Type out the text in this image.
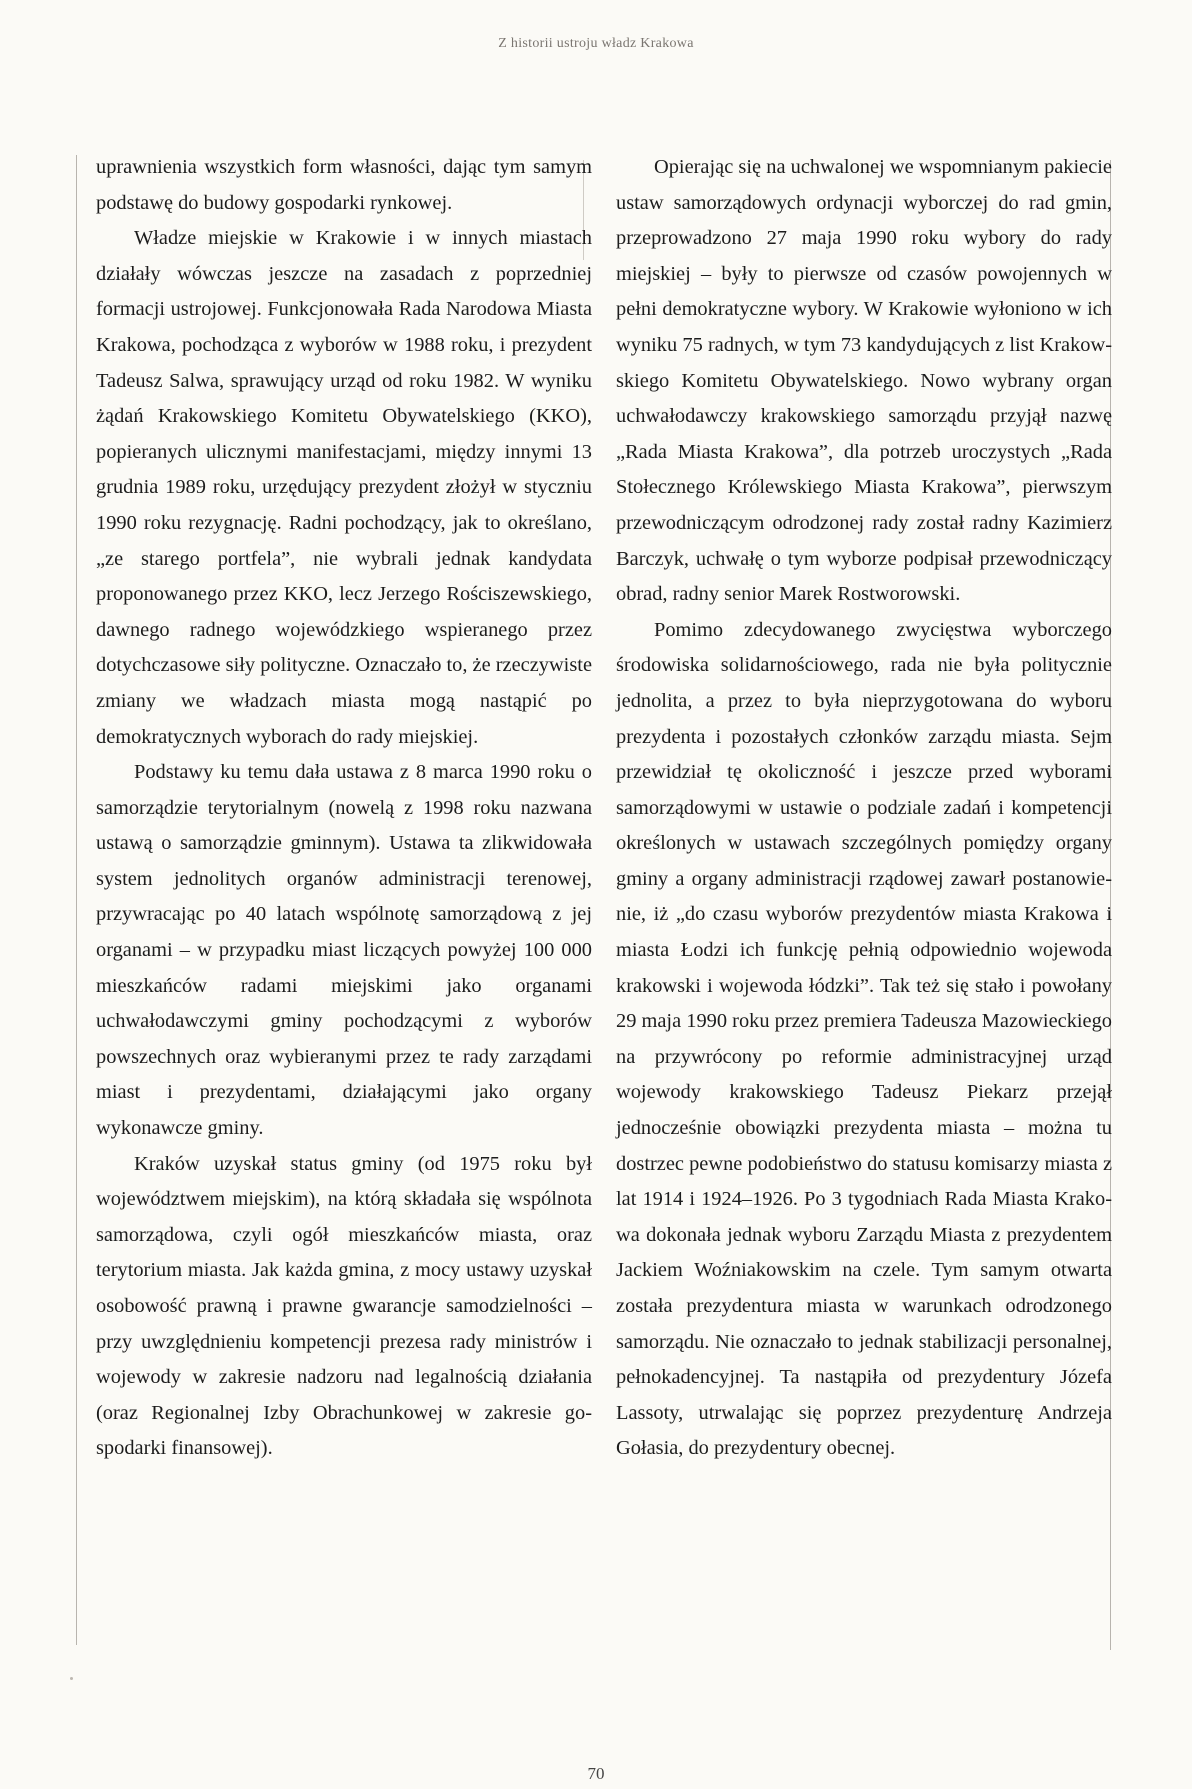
Z historii ustroju władz Krakowa

uprawnienia wszystkich form własności, dając tym samym podstawę do budowy gospodarki rynkowej.

Władze miejskie w Krakowie i w innych miastach działały wówczas jeszcze na zasadach z poprzedniej formacji ustrojowej. Funkcjonowała Rada Narodowa Miasta Krakowa, pochodząca z wyborów w 1988 roku, i prezydent Tadeusz Salwa, sprawujący urząd od roku 1982. W wyniku żądań Krakowskiego Komitetu Obywatelskiego (KKO), popieranych ulicznymi manifestacjami, między innymi 13 grudnia 1989 roku, urzędujący prezydent złożył w styczniu 1990 roku rezygnację. Radni pochodzący, jak to określano, „ze starego portfela”, nie wybrali jednak kandydata proponowanego przez KKO, lecz Jerzego Rościszewskiego, dawnego radnego wojewódzkiego wspieranego przez dotychczasowe siły polityczne. Oznaczało to, że rzeczywiste zmiany we władzach miasta mogą nastąpić po demokratycznych wyborach do rady miejskiej.

Podstawy ku temu dała ustawa z 8 marca 1990 roku o samorządzie terytorialnym (nowelą z 1998 roku nazwana ustawą o samorządzie gminnym). Ustawa ta zlikwidowała system jednolitych organów administracji terenowej, przywracając po 40 latach wspólnotę samorządową z jej organami – w przypadku miast liczących powyżej 100 000 mieszkańców radami miejskimi jako organami uchwałodawczymi gminy pochodzącymi z wyborów powszechnych oraz wybieranymi przez te rady zarządami miast i prezydentami, działającymi jako organy wykonawcze gminy.

Kraków uzyskał status gminy (od 1975 roku był województwem miejskim), na którą składała się wspólnota samorządowa, czyli ogół mieszkańców miasta, oraz terytorium miasta. Jak każda gmina, z mocy ustawy uzyskał osobowość prawną i prawne gwarancje samodzielności – przy uwzględnieniu kompetencji prezesa rady ministrów i wojewody w zakresie nadzoru nad legalnością działania (oraz Regionalnej Izby Obrachunkowej w zakresie gospodarki finansowej).

Opierając się na uchwalonej we wspomnianym pakiecie ustaw samorządowych ordynacji wyborczej do rad gmin, przeprowadzono 27 maja 1990 roku wybory do rady miejskiej – były to pierwsze od czasów powojennych w pełni demokratyczne wybory. W Krakowie wyłoniono w ich wyniku 75 radnych, w tym 73 kandydujących z list Krakowskiego Komitetu Obywatelskiego. Nowo wybrany organ uchwałodawczy krakowskiego samorządu przyjął nazwę „Rada Miasta Krakowa”, dla potrzeb uroczystych „Rada Stołecznego Królewskiego Miasta Krakowa”, pierwszym przewodniczącym odrodzonej rady został radny Kazimierz Barczyk, uchwałę o tym wyborze podpisał przewodniczący obrad, radny senior Marek Rostworowski.

Pomimo zdecydowanego zwycięstwa wyborczego środowiska solidarnościowego, rada nie była politycznie jednolita, a przez to była nieprzygotowana do wyboru prezydenta i pozostałych członków zarządu miasta. Sejm przewidział tę okoliczność i jeszcze przed wyborami samorządowymi w ustawie o podziale zadań i kompetencji określonych w ustawach szczególnych pomiędzy organy gminy a organy administracji rządowej zawarł postanowienie, iż „do czasu wyborów prezydentów miasta Krakowa i miasta Łodzi ich funkcję pełnią odpowiednio wojewoda krakowski i wojewoda łódzki”. Tak też się stało i powołany 29 maja 1990 roku przez premiera Tadeusza Mazowieckiego na przywrócony po reformie administracyjnej urząd wojewody krakowskiego Tadeusz Piekarz przejął jednocześnie obowiązki prezydenta miasta – można tu dostrzec pewne podobieństwo do statusu komisarzy miasta z lat 1914 i 1924–1926. Po 3 tygodniach Rada Miasta Krakowa dokonała jednak wyboru Zarządu Miasta z prezydentem Jackiem Woźniakowskim na czele. Tym samym otwarta została prezydentura miasta w warunkach odrodzonego samorządu. Nie oznaczało to jednak stabilizacji personalnej, pełnokadencyjnej. Ta nastąpiła od prezydentury Józefa Lassoty, utrwalając się poprzez prezydenturę Andrzeja Gołasia, do prezydentury obecnej.

70
